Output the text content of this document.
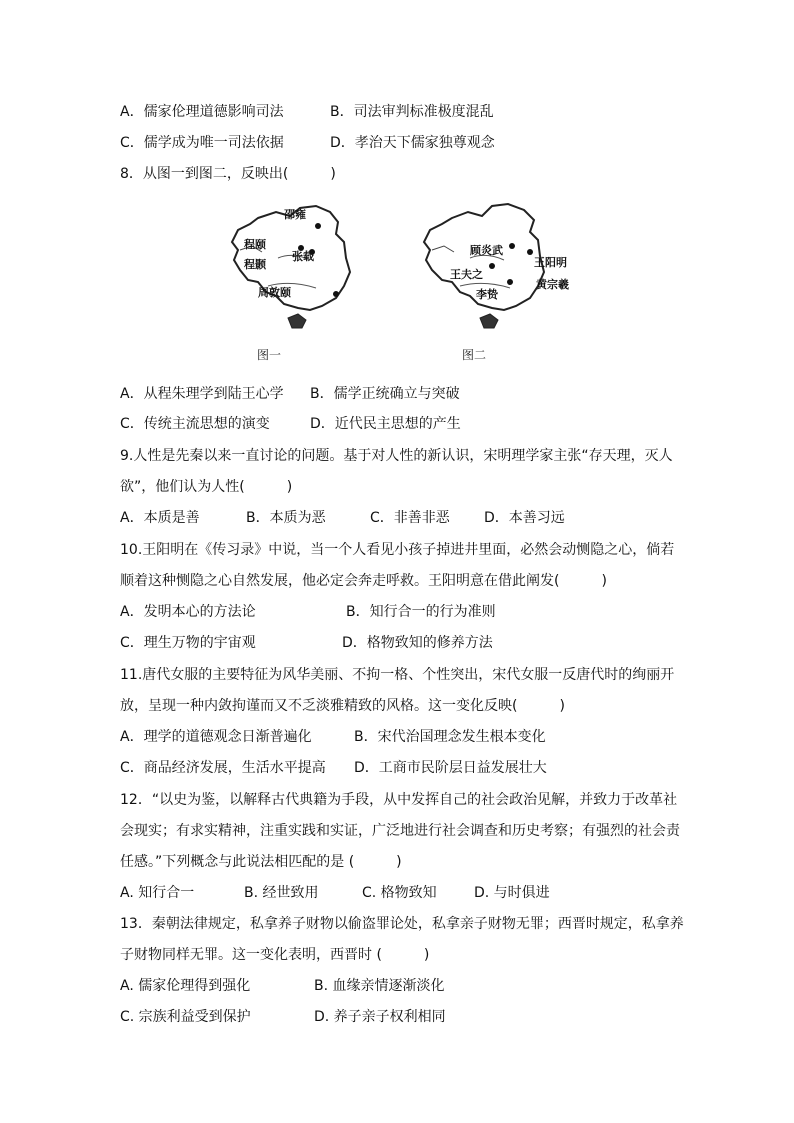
A．儒家伦理道德影响司法	B．司法审判标准极度混乱
C．儒学成为唯一司法依据	D．孝治天下儒家独尊观念
8．从图一到图二，反映出(　　　)
邵雍
程颐
程颢
张载
周敦颐
图一
顾炎武
王阳明
王夫之
李贽
黄宗羲
图二
A．从程朱理学到陆王心学 B．儒学正统确立与突破
C．传统主流思想的演变	D．近代民主思想的产生
9.人性是先秦以来一直讨论的问题。基于对人性的新认识，宋明理学家主张“存天理，灭人
欲”，他们认为人性(　　　)
A．本质是善	B．本质为恶	C．非善非恶 D．本善习远
10.王阳明在《传习录》中说，当一个人看见小孩子掉进井里面，必然会动恻隐之心，倘若
顺着这种恻隐之心自然发展，他必定会奔走呼救。王阳明意在借此阐发(　　　)
A．发明本心的方法论	B．知行合一的行为准则
C．理生万物的宇宙观	D．格物致知的修养方法
11.唐代女服的主要特征为风华美丽、不拘一格、个性突出，宋代女服一反唐代时的绚丽开
放，呈现一种内敛拘谨而又不乏淡雅精致的风格。这一变化反映(　　　)
A．理学的道德观念日渐普遍化	B．宋代治国理念发生根本变化
C．商品经济发展，生活水平提高 D．工商市民阶层日益发展壮大
12．“以史为鉴，以解释古代典籍为手段，从中发挥自己的社会政治见解，并致力于改革社
会现实；有求实精神，注重实践和实证，广泛地进行社会调查和历史考察；有强烈的社会责
任感。”下列概念与此说法相匹配的是 (　　　)
A. 知行合一	B. 经世致用	C. 格物致知	D. 与时俱进
13．秦朝法律规定，私拿养子财物以偷盗罪论处，私拿亲子财物无罪；西晋时规定，私拿养
子财物同样无罪。这一变化表明，西晋时 (　　　)
A. 儒家伦理得到强化	B. 血缘亲情逐渐淡化
C. 宗族利益受到保护	D. 养子亲子权利相同
